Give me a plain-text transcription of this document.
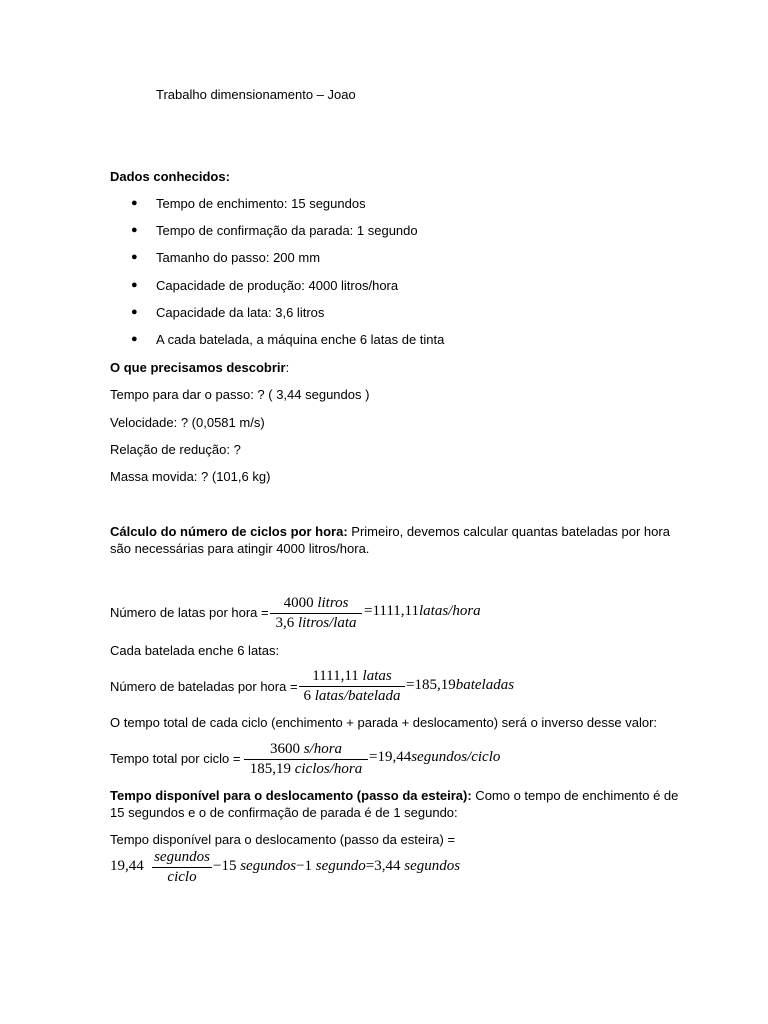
Trabalho dimensionamento – Joao
Dados conhecidos:
● Tempo de enchimento: 15 segundos
● Tempo de confirmação da parada: 1 segundo
● Tamanho do passo: 200 mm
● Capacidade de produção: 4000 litros/hora
● Capacidade da lata: 3,6 litros
● A cada batelada, a máquina enche 6 latas de tinta
O que precisamos descobrir:
Tempo para dar o passo: ? ( 3,44 segundos )
Velocidade: ? (0,0581 m/s)
Relação de redução: ?
Massa movida: ? (101,6 kg)
Cálculo do número de ciclos por hora: Primeiro, devemos calcular quantas bateladas por hora
são necessárias para atingir 4000 litros/hora.
Número de latas por hora =
4000 litros
3,6 litros/lata
=1111,11latas/hora
Cada batelada enche 6 latas:
Número de bateladas por hora =
1111,11 latas
6 latas/batelada
=185,19bateladas
O tempo total de cada ciclo (enchimento + parada + deslocamento) será o inverso desse valor:
Tempo total por ciclo =
3600 s/hora
185,19 ciclos/hora
=19,44segundos/ciclo
Tempo disponível para o deslocamento (passo da esteira): Como o tempo de enchimento é de
15 segundos e o de confirmação de parada é de 1 segundo:
Tempo disponível para o deslocamento (passo da esteira) =
19,44
segundos
ciclo
−15 segundos−1 segundo=3,44 segundos
